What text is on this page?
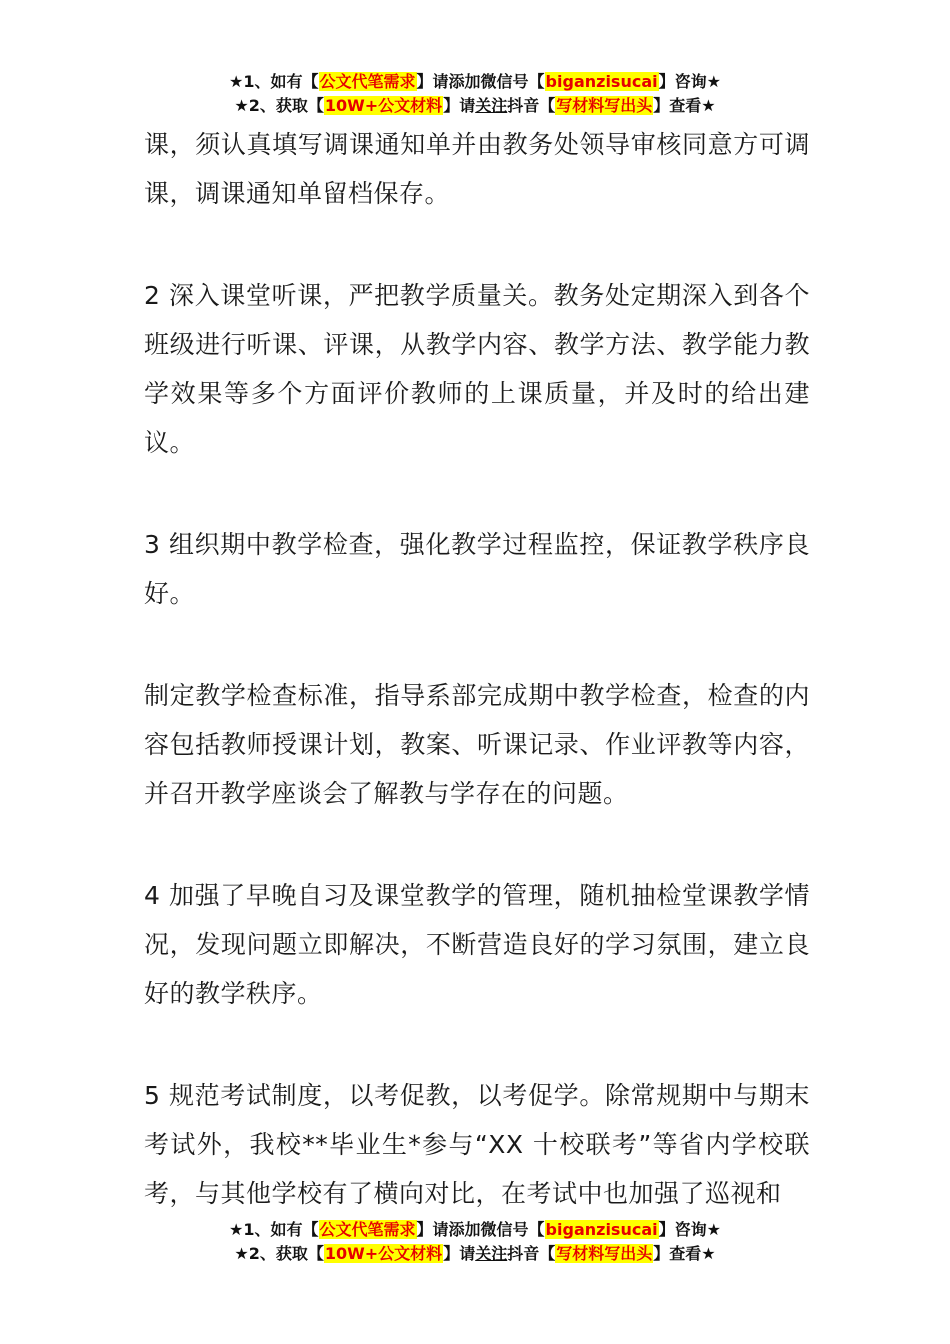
★1、如有【公文代笔需求】请添加微信号【biganzisucai】咨询★
★2、获取【10W+公文材料】请关注抖音【写材料写出头】查看★

课，须认真填写调课通知单并由教务处领导审核同意方可调课，调课通知单留档保存。

2 深入课堂听课，严把教学质量关。教务处定期深入到各个班级进行听课、评课，从教学内容、教学方法、教学能力教学效果等多个方面评价教师的上课质量，并及时的给出建议。

3 组织期中教学检查，强化教学过程监控，保证教学秩序良好。

制定教学检查标准，指导系部完成期中教学检查，检查的内容包括教师授课计划，教案、听课记录、作业评教等内容，并召开教学座谈会了解教与学存在的问题。

4 加强了早晚自习及课堂教学的管理，随机抽检堂课教学情况，发现问题立即解决，不断营造良好的学习氛围，建立良好的教学秩序。

5 规范考试制度，以考促教，以考促学。除常规期中与期末考试外，我校**毕业生*参与“XX 十校联考”等省内学校联考，与其他学校有了横向对比，在考试中也加强了巡视和

★1、如有【公文代笔需求】请添加微信号【biganzisucai】咨询★
★2、获取【10W+公文材料】请关注抖音【写材料写出头】查看★
